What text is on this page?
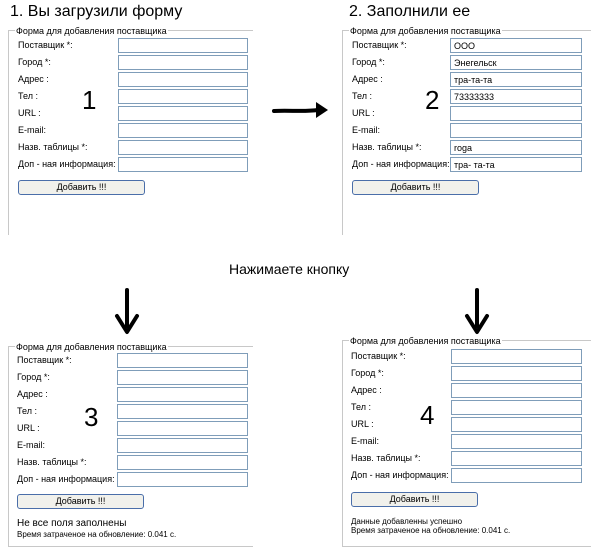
1. Вы загрузили форму	2. Заполнили ее
Нажимаете кнопку
Форма для добавления поставщика
Поставщик *:
Город *:
Адрес :
Тел :
URL :
E-mail:
Назв. таблицы *:
Доп - ная информация:
Добавить !!!
1
Форма для добавления поставщика
Поставщик *:
ООО
Город *:
Энегельск
Адрес :
тра-та-та
Тел :
73333333
URL :
E-mail:
Назв. таблицы *:
roga
Доп - ная информация:
тра- та-та
Добавить !!!
2
Форма для добавления поставщика
Поставщик *:
Город *:
Адрес :
Тел :
URL :
E-mail:
Назв. таблицы *:
Доп - ная информация:
Добавить !!!
Не все поля заполнены
Время затраченое на обновление: 0.041 с.
3
Форма для добавления поставщика
Поставщик *:
Город *:
Адрес :
Тел :
URL :
E-mail:
Назв. таблицы *:
Доп - ная информация:
Добавить !!!
Данные добавленны успешно
Время затраченое на обновление: 0.041 с.
4
